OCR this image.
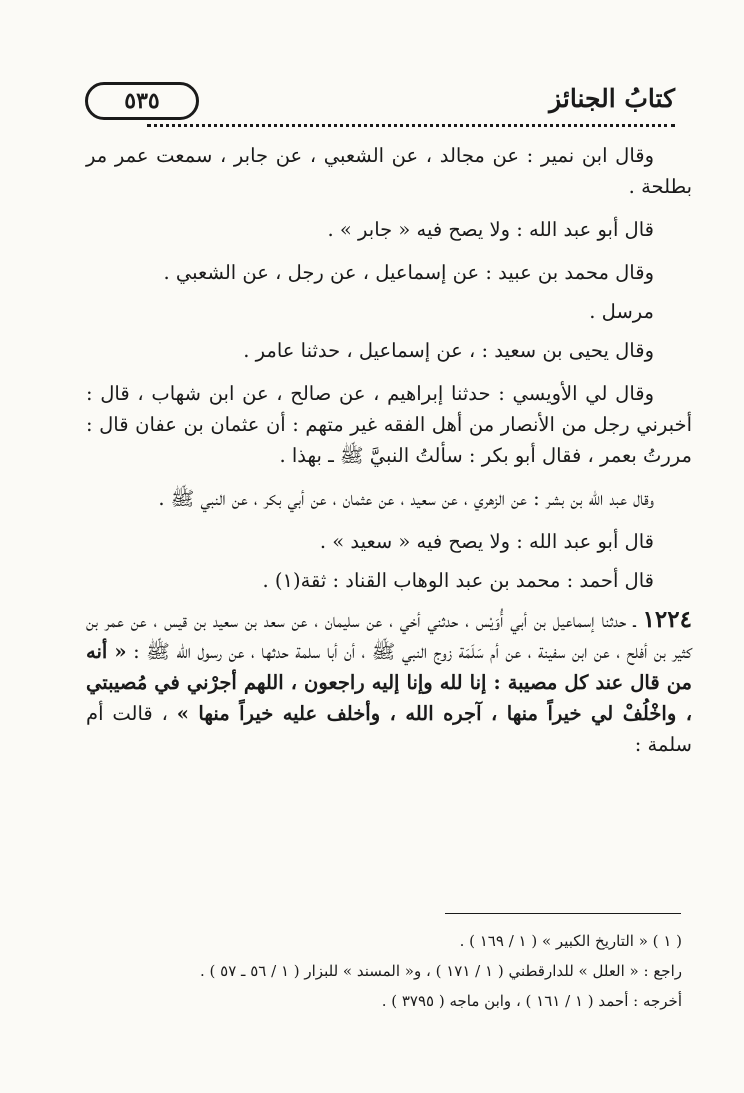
٥٣٥	كتابُ الجنائز

وقال ابن نمير : عن مجالد ، عن الشعبي ، عن جابر ، سمعت عمر مر بطلحة .

قال أبو عبد الله : ولا يصح فيه « جابر » .

وقال محمد بن عبيد : عن إسماعيل ، عن رجل ، عن الشعبي .

مرسل .

وقال يحيى بن سعيد : ، عن إسماعيل ، حدثنا عامر .

وقال لي الأويسي : حدثنا إبراهيم ، عن صالح ، عن ابن شهاب ، قال : أخبرني رجل من الأنصار من أهل الفقه غير متهم : أن عثمان بن عفان قال : مررتُ بعمر ، فقال أبو بكر : سألتُ النبيَّ ﷺ ـ بهذا .

وقال عبد الله بن بشر : عن الزهري ، عن سعيد ، عن عثمان ، عن أبي بكر ، عن النبي ﷺ .

قال أبو عبد الله : ولا يصح فيه « سعيد » .

قال أحمد : محمد بن عبد الوهاب القناد : ثقة(١) .

١٢٢٤ ـ حدثنا إسماعيل بن أبي أُوَيْس ، حدثني أخي ، عن سليمان ، عن سعد بن سعيد بن قيس ، عن عمر بن كثير بن أفلح ، عن ابن سفينة ، عن أم سَلَمَة زوج النبي ﷺ ، أن أبا سلمة حدثها ، عن رسول الله ﷺ : « أنه من قال عند كل مصيبة : إنا لله وإنا إليه راجعون ، اللهم أجرْني في مُصيبتي ، واخْلُفْ لي خيراً منها ، آجره الله ، وأخلف عليه خيراً منها » ، قالت أم سلمة :

( ١ ) « التاريخ الكبير » ( ١ / ١٦٩ ) .

راجع : « العلل » للدارقطني ( ١ / ١٧١ ) ، و« المسند » للبزار ( ١ / ٥٦ ـ ٥٧ ) .

أخرجه : أحمد ( ١ / ١٦١ ) ، وابن ماجه ( ٣٧٩٥ ) .
